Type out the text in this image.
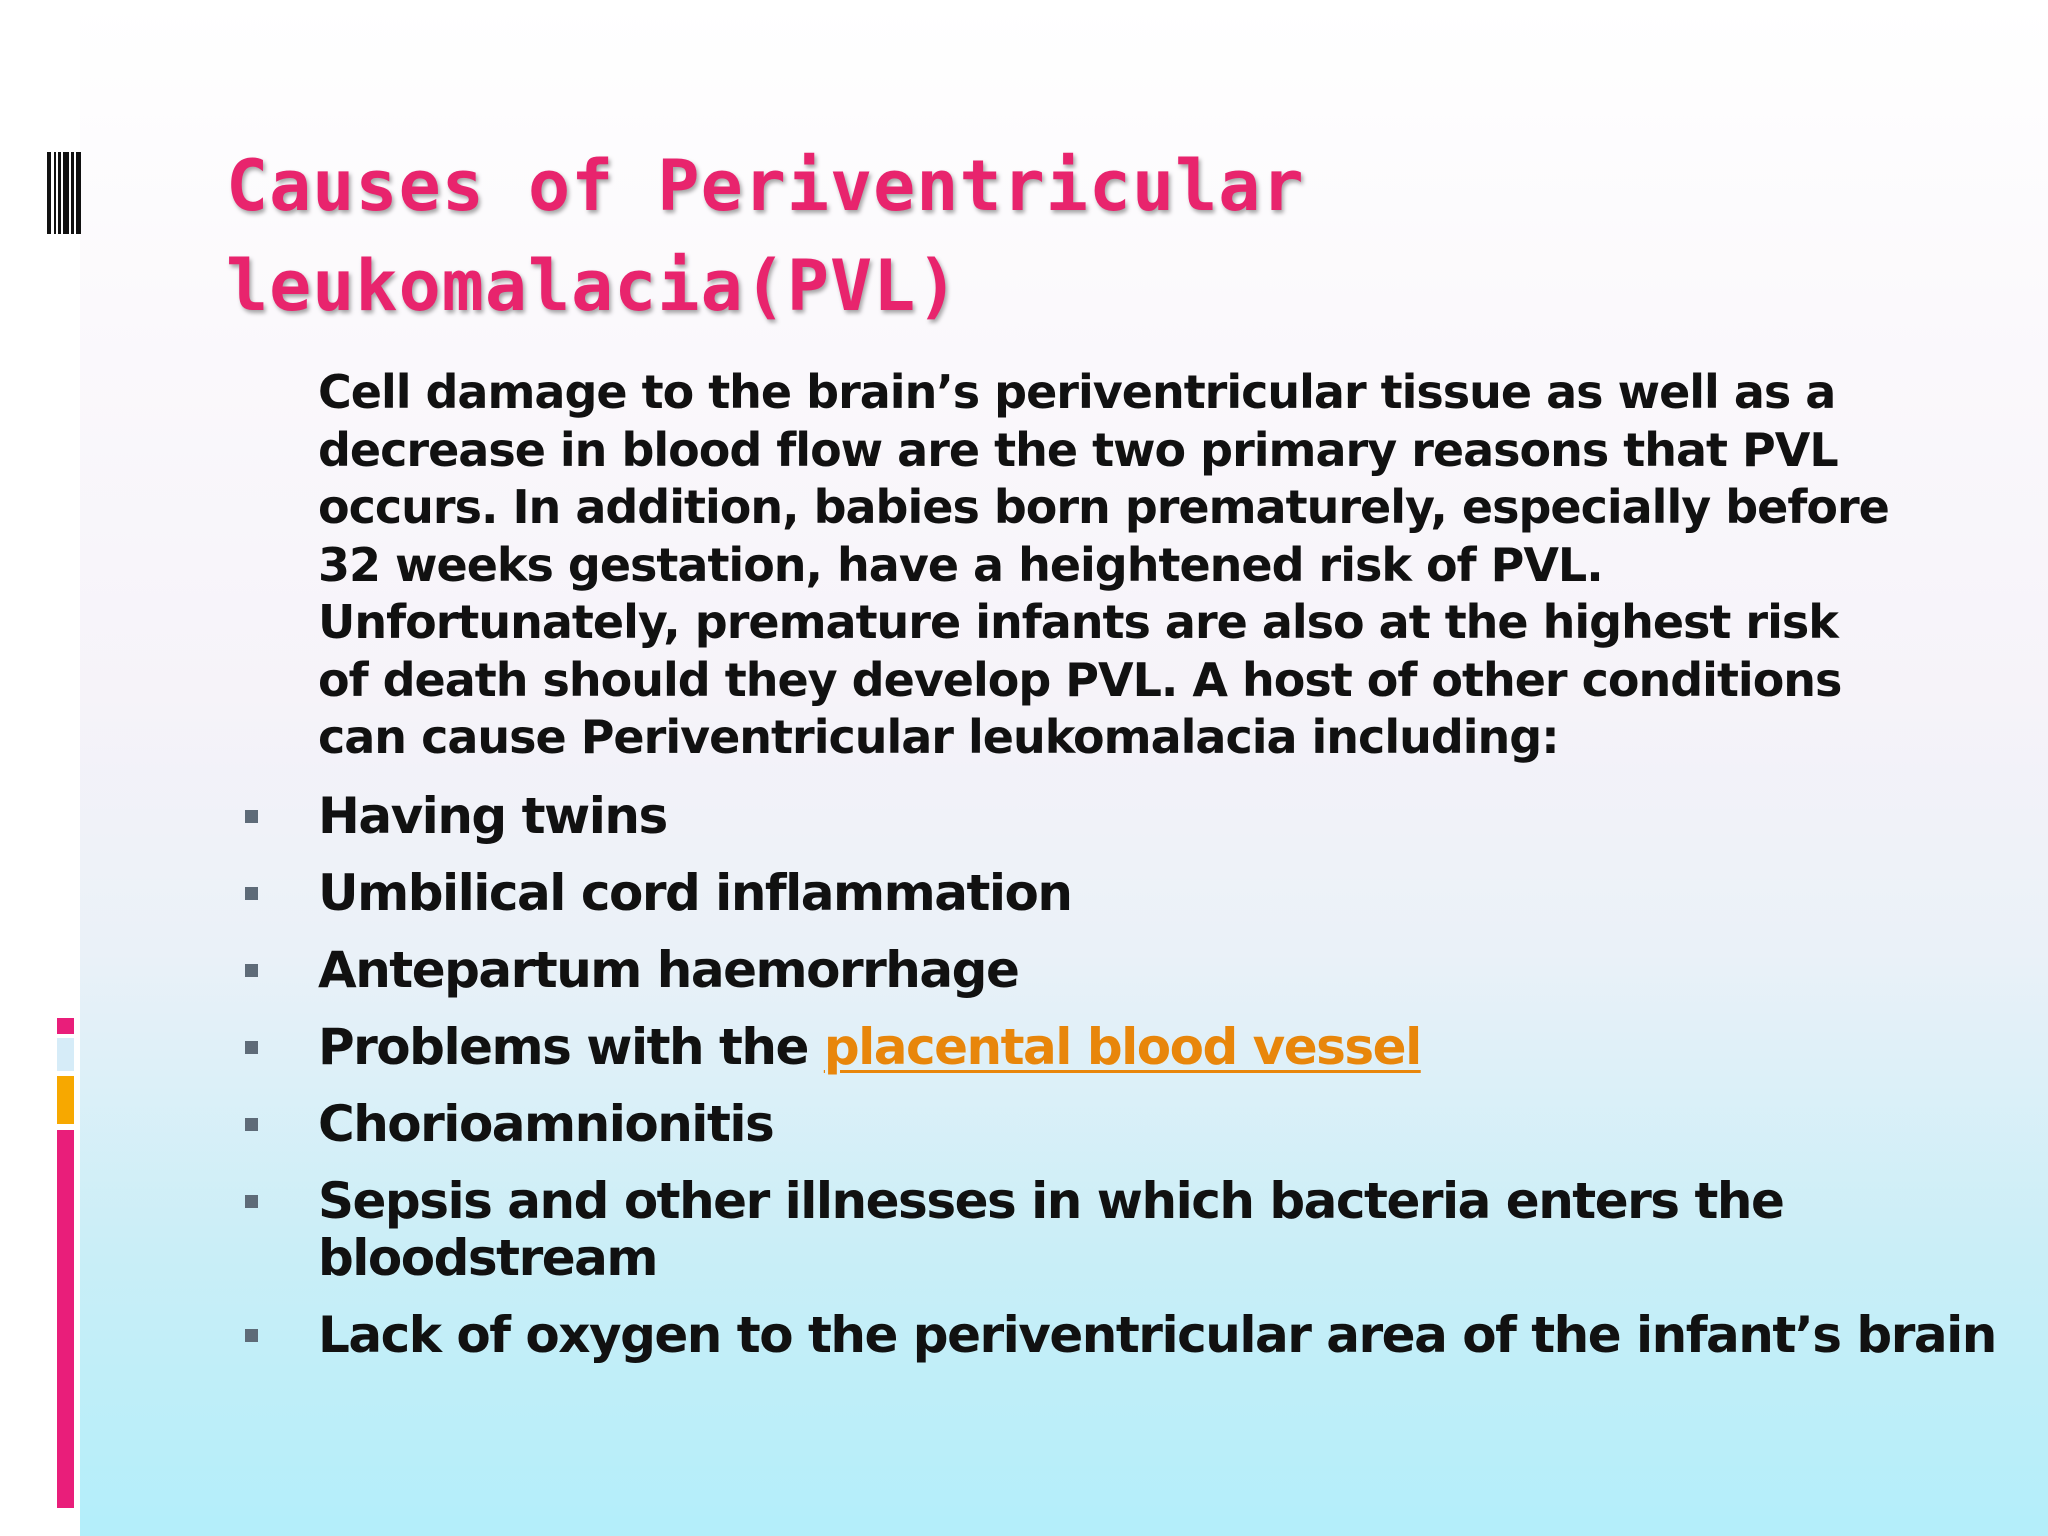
Causes of Periventricular
leukomalacia(PVL)

Cell damage to the brain’s periventricular tissue as well as a
decrease in blood flow are the two primary reasons that PVL
occurs. In addition, babies born prematurely, especially before
32 weeks gestation, have a heightened risk of PVL.
Unfortunately, premature infants are also at the highest risk
of death should they develop PVL. A host of other conditions
can cause Periventricular leukomalacia including:

Having twins
Umbilical cord inflammation
Antepartum haemorrhage
Problems with the placental blood vessel
Chorioamnionitis
Sepsis and other illnesses in which bacteria enters the
bloodstream
Lack of oxygen to the periventricular area of the infant’s brain
